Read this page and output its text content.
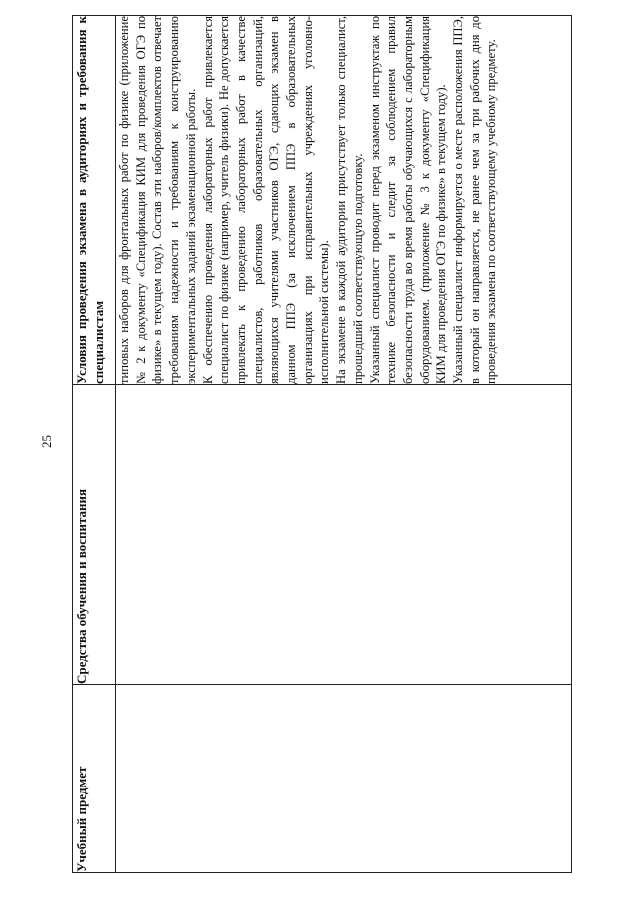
25
Учебный предмет	Средства обучения и воспитания	Условия проведения экзамена в аудиториях и требования к специалистам

		типовых наборов для фронтальных работ по физике (приложение № 2 к документу «Спецификация КИМ для проведения ОГЭ по физике» в текущем году). Состав эти наборов/комплектов отвечает требованиям надежности и требованиям к конструированию экспериментальных заданий экзаменационной работы. К обеспечению проведения лабораторных работ привлекается специалист по физике (например, учитель физики). Не допускается привлекать к проведению лабораторных работ в качестве специалистов, работников образовательных организаций, являющихся учителями участников ОГЭ, сдающих экзамен в данном ППЭ (за исключением ППЭ в образовательных организациях при исправительных учреждениях уголовно-исполнительной системы). На экзамене в каждой аудитории присутствует только специалист, прошедший соответствующую подготовку. Указанный специалист проводит перед экзаменом инструктаж по технике безопасности и следит за соблюдением правил безопасности труда во время работы обучающихся с лабораторным оборудованием. (приложение № 3 к документу «Спецификация КИМ для проведения ОГЭ по физике» в текущем году). Указанный специалист информируется о месте расположения ППЭ, в который он направляется, не ранее чем за три рабочих дня до проведения экзамена по соответствующему учебному предмету.
